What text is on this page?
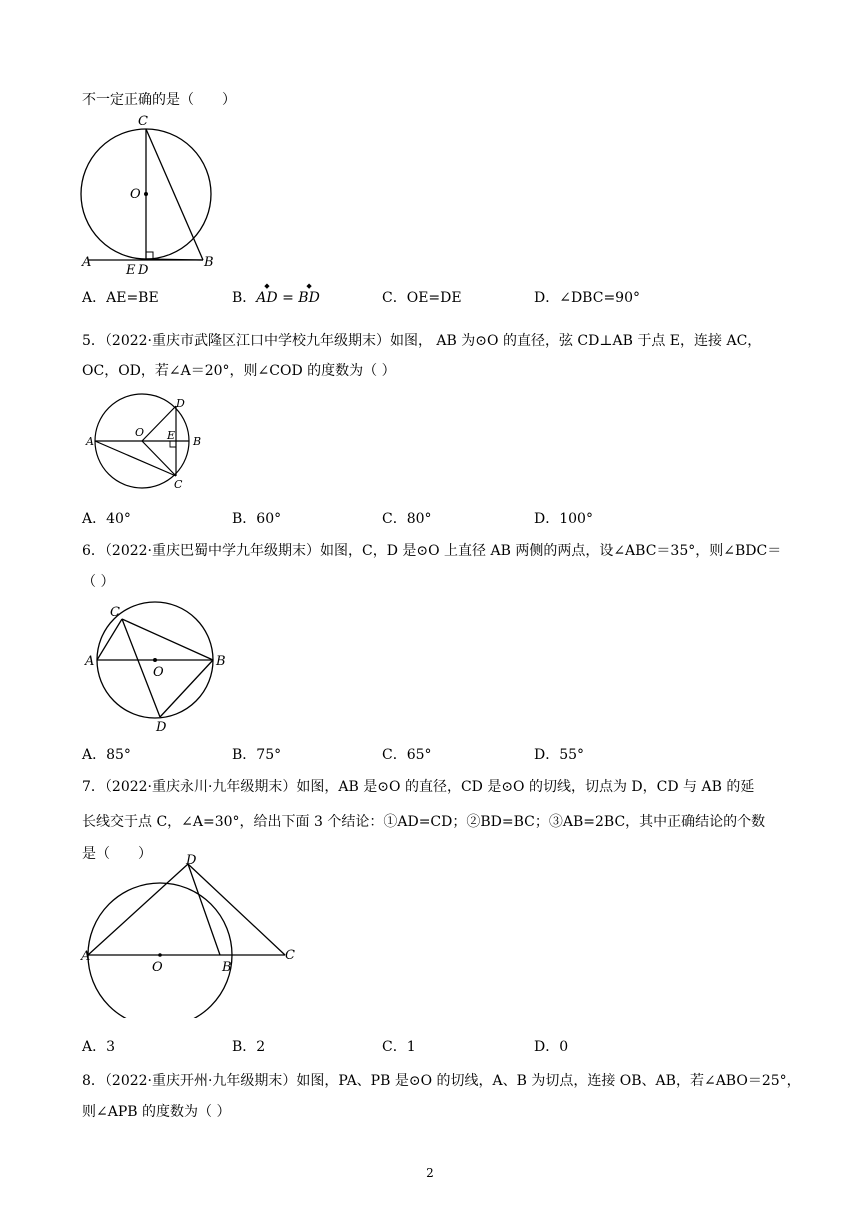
不一定正确的是（　　）
C
O
A
E
B
D
A．AE=BE	B．◆ AD = ◆ BD	C．OE=DE	D．∠DBC=90°
5．（2022·重庆市武隆区江口中学校九年级期末）如图， AB 为⊙O 的直径，弦 CD⊥AB 于点 E，连接 AC，
OC，OD，若∠A＝20°，则∠COD 的度数为（ ）
A
O
D
E B
C
A．40°	B．60°	C．80°	D．100°
6．（2022·重庆巴蜀中学九年级期末）如图，C，D 是⊙O 上直径 AB 两侧的两点，设∠ABC＝35°，则∠BDC＝
（ ）
C
A
O
B
D
A．85°	B．75°	C．65°	D．55°
7．（2022·重庆永川·九年级期末）如图，AB 是⊙O 的直径，CD 是⊙O 的切线，切点为 D，CD 与 AB 的延
长线交于点 C，∠A=30°，给出下面 3 个结论：①AD=CD；②BD=BC；③AB=2BC，其中正确结论的个数
是（　　）	D
A
O	B
C
A．3	B．2	C．1	D．0
8．（2022·重庆开州·九年级期末）如图，PA、PB 是⊙O 的切线，A、B 为切点，连接 OB、AB，若∠ABO＝25°，
则∠APB 的度数为（ ）
2
